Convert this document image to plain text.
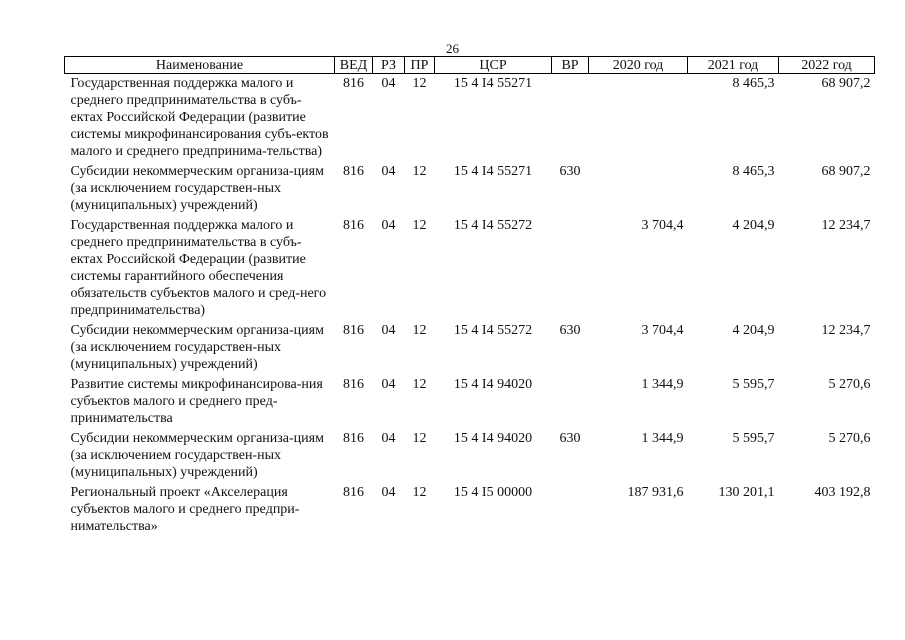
26
Наименование	ВЕД	РЗ	ПР	ЦСР	ВР	2020 год	2021 год	2022 год
Государственная поддержка малого и среднего предпринимательства в субъ-ектах Российской Федерации (развитие системы микрофинансирования субъ-ектов малого и среднего предпринима-тельства)	816	04	12	15 4 I4 55271			8 465,3	68 907,2
Субсидии некоммерческим организа-циям (за исключением государствен-ных (муниципальных) учреждений)	816	04	12	15 4 I4 55271	630		8 465,3	68 907,2
Государственная поддержка малого и среднего предпринимательства в субъ-ектах Российской Федерации (развитие системы гарантийного обеспечения обязательств субъектов малого и сред-него предпринимательства)	816	04	12	15 4 I4 55272		3 704,4	4 204,9	12 234,7
Субсидии некоммерческим организа-циям (за исключением государствен-ных (муниципальных) учреждений)	816	04	12	15 4 I4 55272	630	3 704,4	4 204,9	12 234,7
Развитие системы микрофинансирова-ния субъектов малого и среднего пред-принимательства	816	04	12	15 4 I4 94020		1 344,9	5 595,7	5 270,6
Субсидии некоммерческим организа-циям (за исключением государствен-ных (муниципальных) учреждений)	816	04	12	15 4 I4 94020	630	1 344,9	5 595,7	5 270,6
Региональный проект «Акселерация субъектов малого и среднего предпри-нимательства»	816	04	12	15 4 I5 00000		187 931,6	130 201,1	403 192,8
